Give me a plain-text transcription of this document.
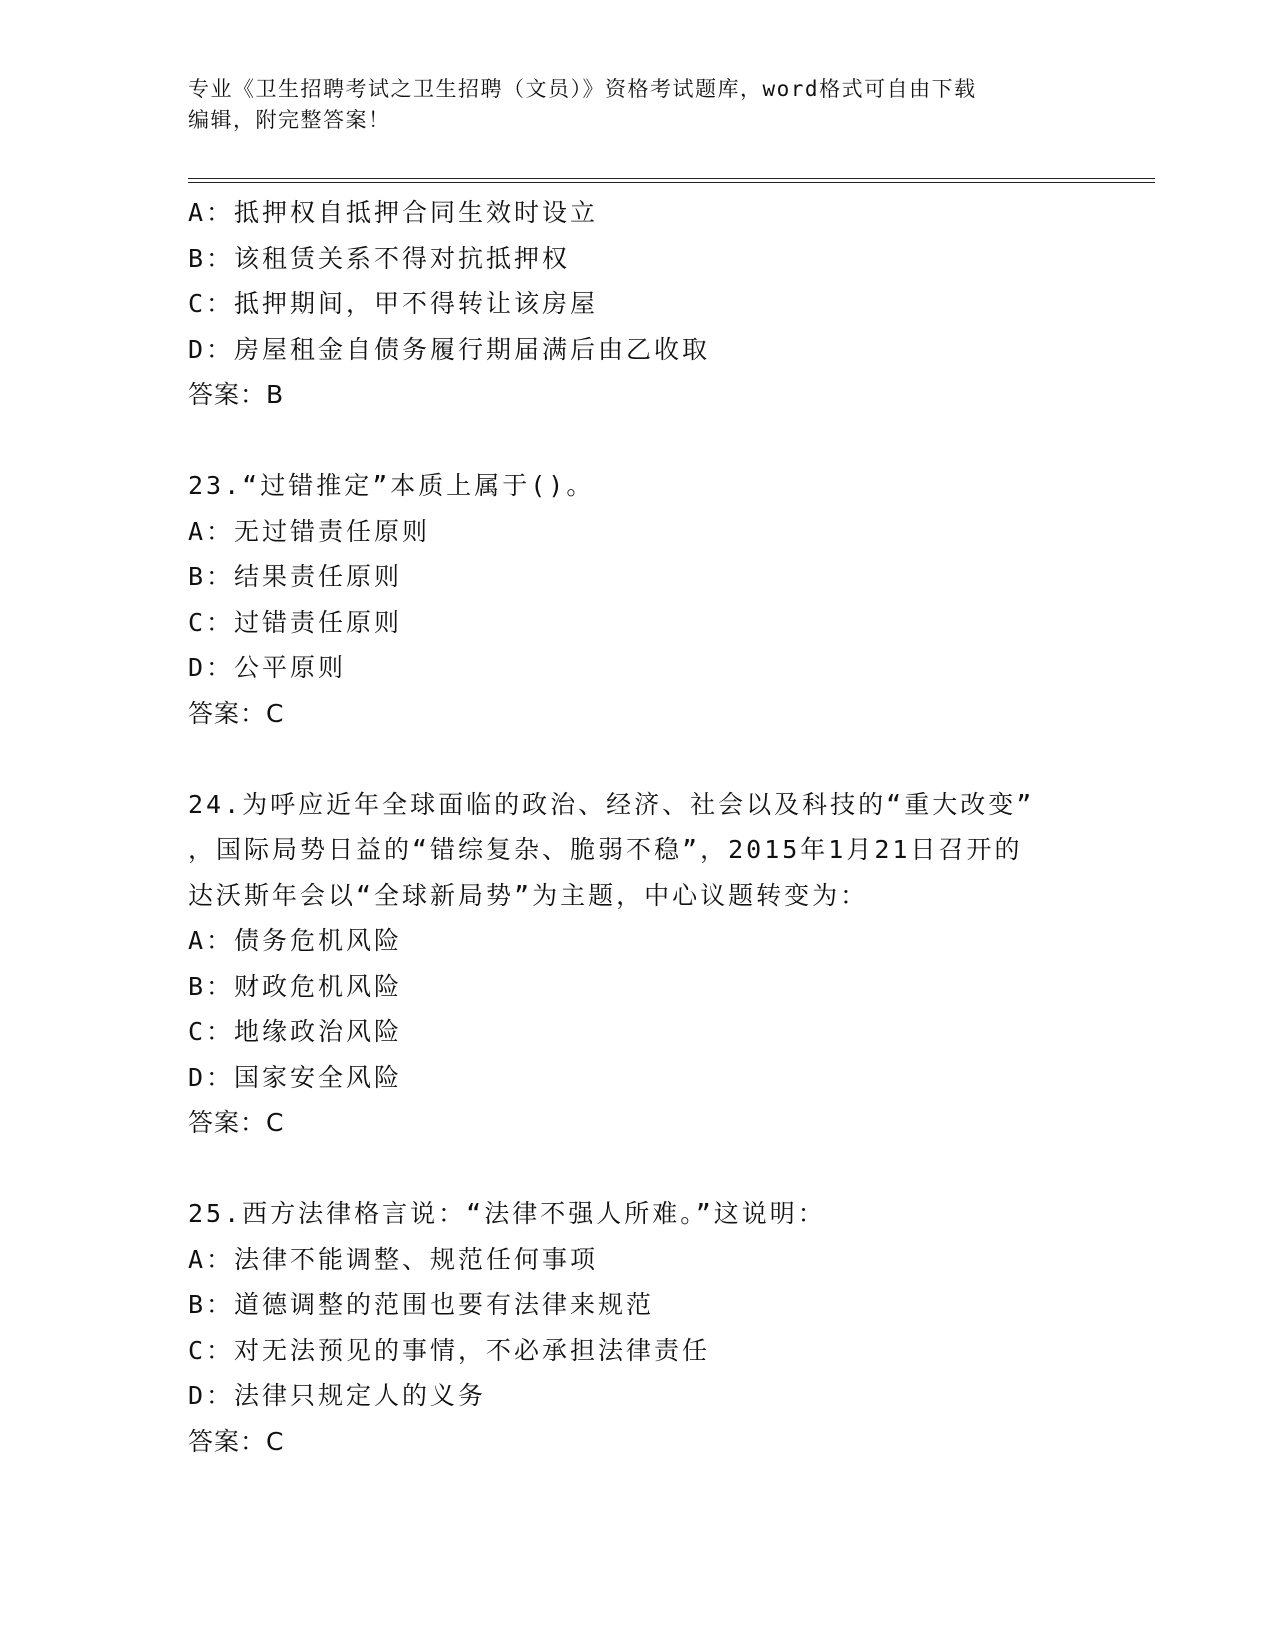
专业《卫生招聘考试之卫生招聘（文员）》资格考试题库，word格式可自由下载
编辑，附完整答案！
A：抵押权自抵押合同生效时设立
B：该租赁关系不得对抗抵押权
C：抵押期间，甲不得转让该房屋
D：房屋租金自债务履行期届满后由乙收取
答案：B
23.“过错推定”本质上属于()。
A：无过错责任原则
B：结果责任原则
C：过错责任原则
D：公平原则
答案：C
24.为呼应近年全球面临的政治、经济、社会以及科技的“重大改变”
，国际局势日益的“错综复杂、脆弱不稳”，2015年1月21日召开的
达沃斯年会以“全球新局势”为主题，中心议题转变为：
A：债务危机风险
B：财政危机风险
C：地缘政治风险
D：国家安全风险
答案：C
25.西方法律格言说：“法律不强人所难。”这说明：
A：法律不能调整、规范任何事项
B：道德调整的范围也要有法律来规范
C：对无法预见的事情，不必承担法律责任
D：法律只规定人的义务
答案：C
